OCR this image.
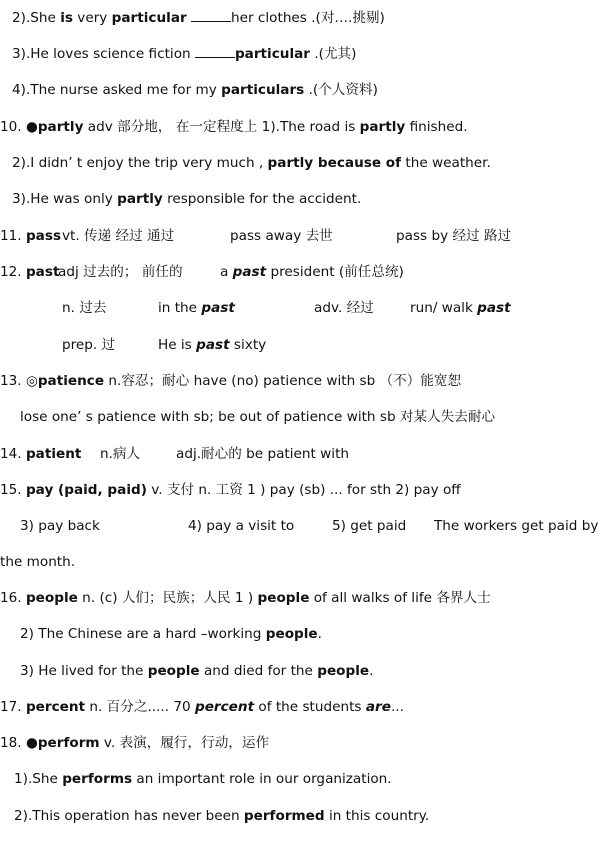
2).She is very particular	her clothes .(对….挑剔)
3).He loves science fiction	particular .(尤其)
4).The nurse asked me for my particulars .(个人资料)
10. ●partly adv 部分地， 在一定程度上 1).The road is partly finished.
2).I didn’ t enjoy the trip very much , partly because of the weather.
3).He was only partly responsible for the accident.
11. pass vt. 传递 经过 通过	pass away 去世	pass by 经过 路过
12. past
adj 过去的； 前任的	a past president (前任总统)
n. 过去	in the past	adv. 经过	run/ walk past
prep. 过	He is past sixty
13. ◎patience n.容忍；耐心 have (no) patience with sb （不）能宽恕
lose one’ s patience with sb; be out of patience with sb 对某人失去耐心
14. patient n.病人	adj.耐心的 be patient with
15. pay (paid, paid) v. 支付 n. 工资 1 ) pay (sb) ... for sth 2) pay off
3) pay back	4) pay a visit to	5) get paid The workers get paid by
the month.
16. people n. (c) 人们；民族；人民 1 ) people of all walks of life 各界人士
2) The Chinese are a hard –working people.
3) He lived for the people and died for the people.
17. percent n. 百分之..... 70 percent of the students are...
18. ●perform v. 表演，履行，行动，运作
1).She performs an important role in our organization.
2).This operation has never been performed in this country.
